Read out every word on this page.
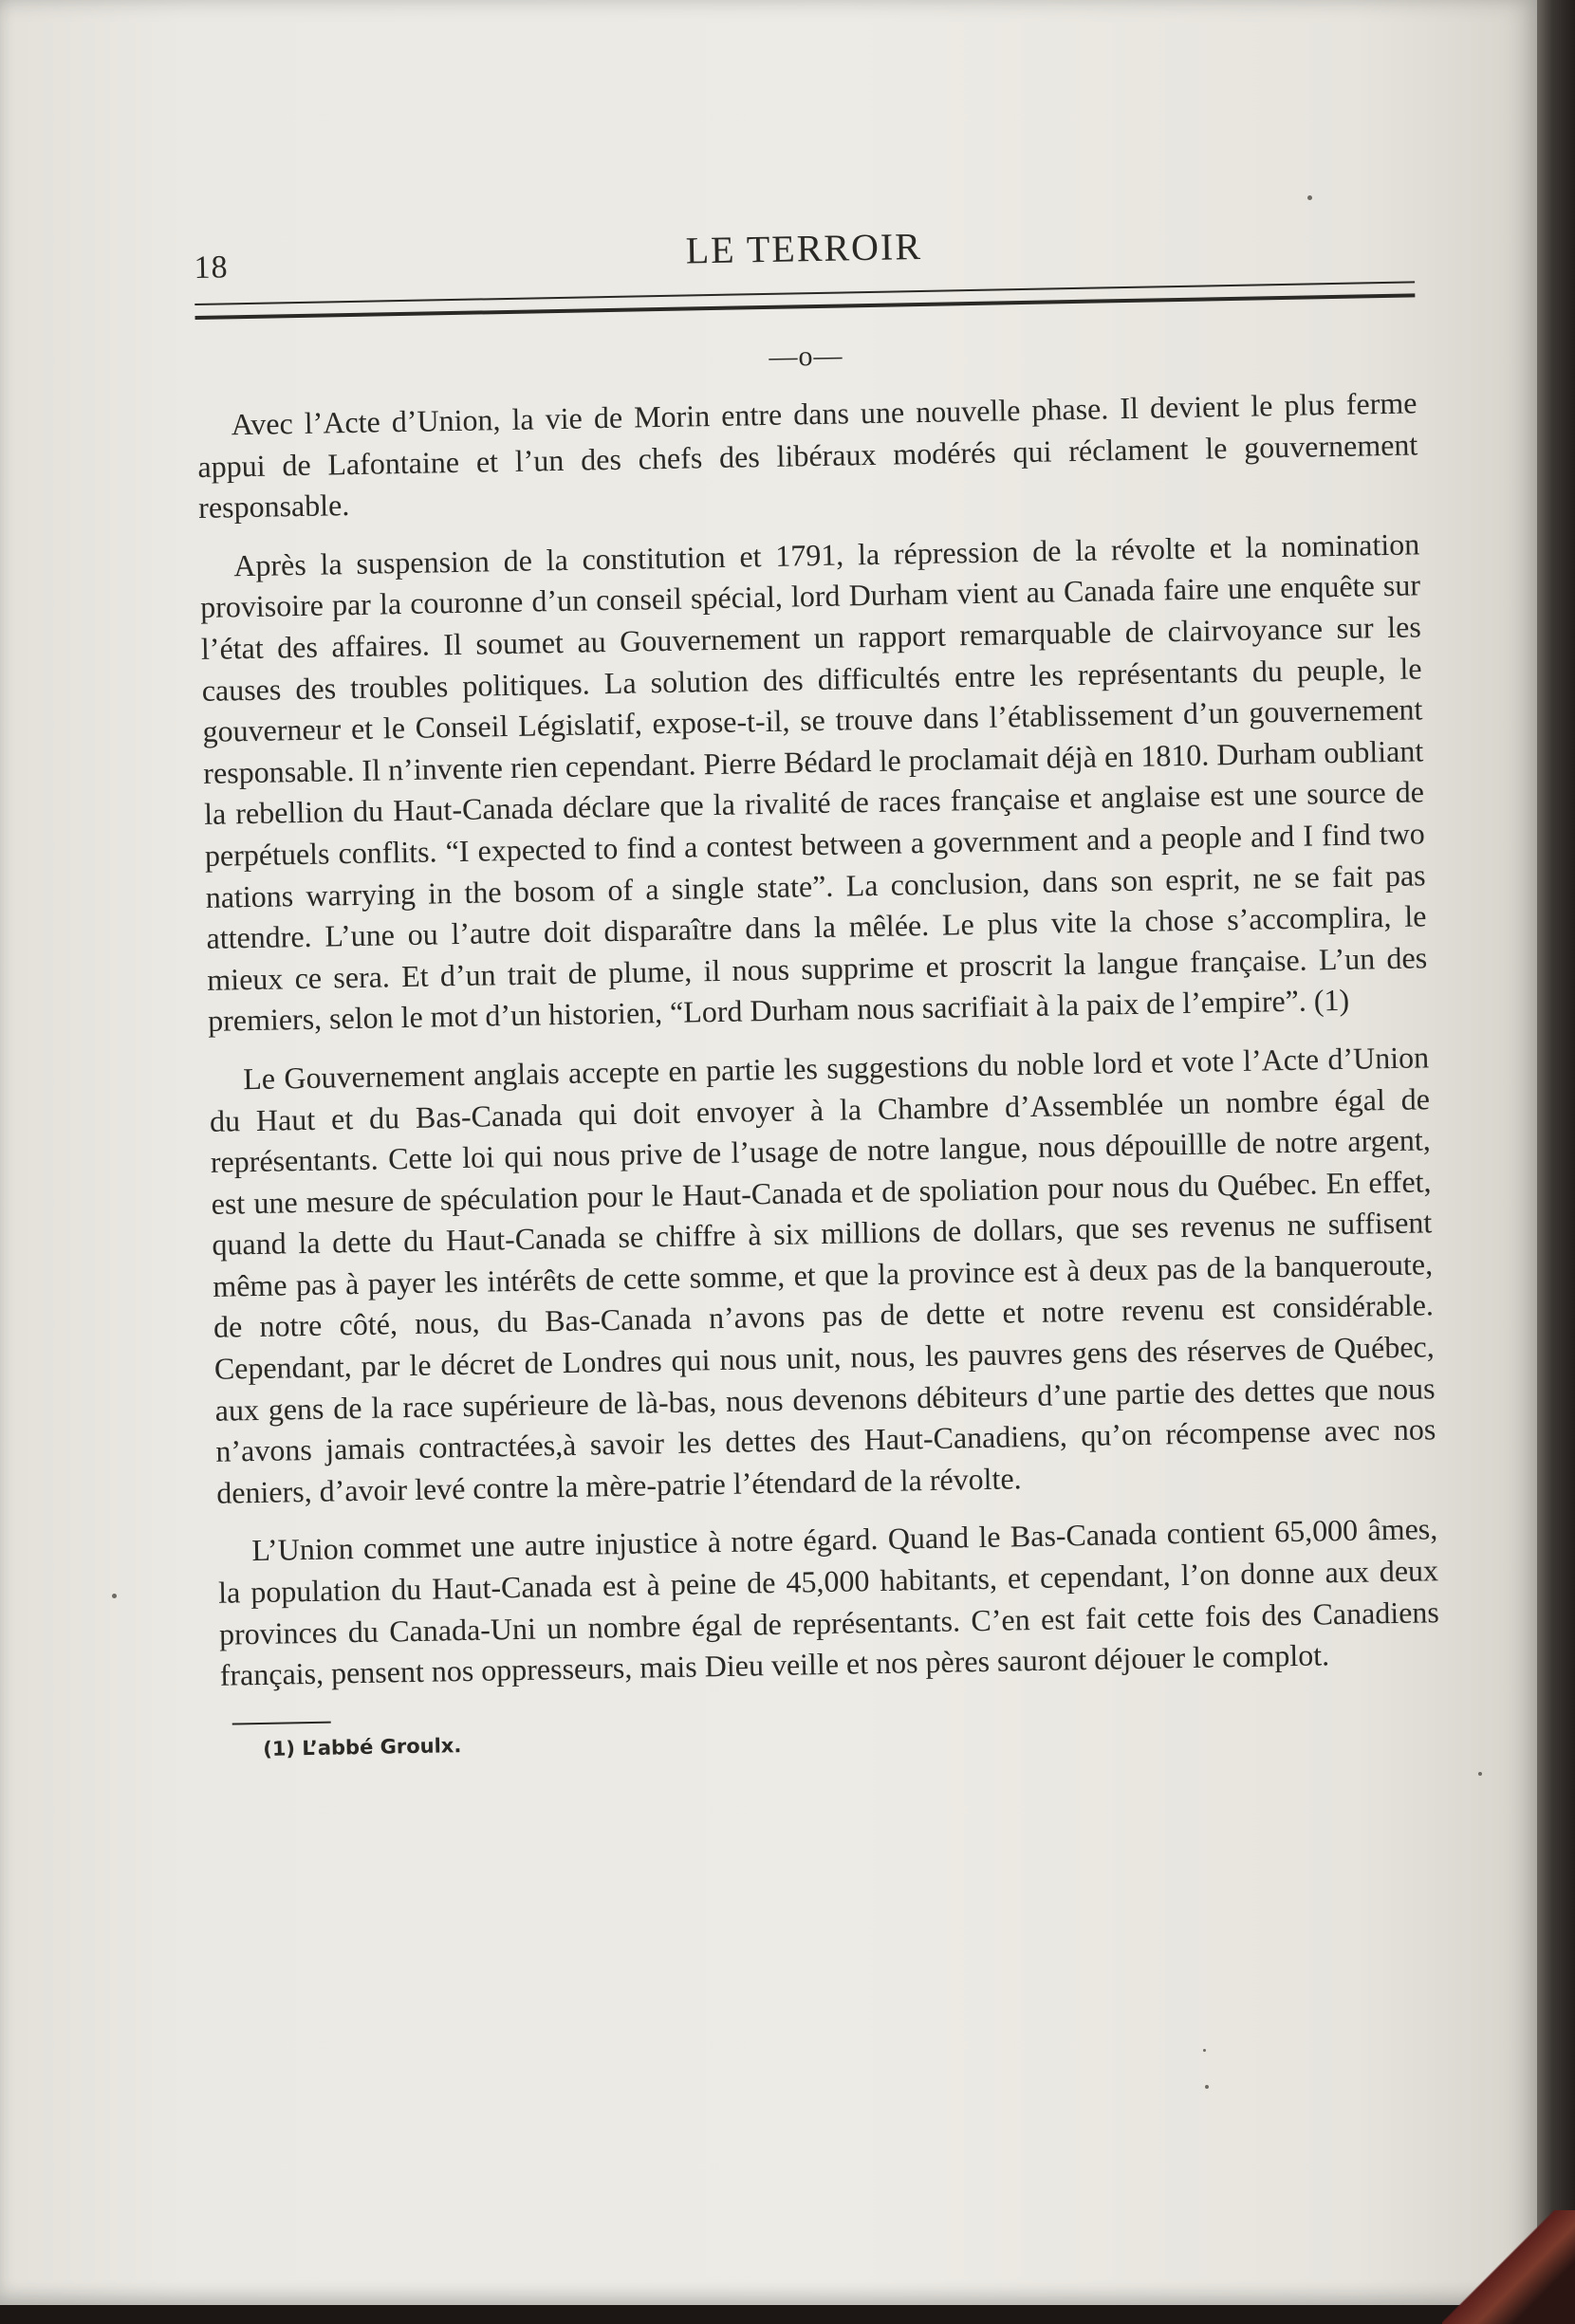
18	LE TERROIR
—o—

Avec l’Acte d’Union, la vie de Morin entre dans une nouvelle phase. Il devient le plus ferme appui de Lafontaine et l’un des chefs des libéraux modérés qui réclament le gouvernement responsable.

Après la suspension de la constitution et 1791, la répression de la révolte et la nomination provisoire par la couronne d’un conseil spécial, lord Durham vient au Canada faire une enquête sur l’état des affaires. Il soumet au Gouvernement un rapport remarquable de clairvoyance sur les causes des troubles politiques. La solution des difficultés entre les représentants du peuple, le gouverneur et le Conseil Législatif, expose-t-il, se trouve dans l’établissement d’un gouvernement responsable. Il n’invente rien cependant. Pierre Bédard le proclamait déjà en 1810. Durham oubliant la rebellion du Haut-Canada déclare que la rivalité de races française et anglaise est une source de perpétuels conflits. “I expected to find a contest between a government and a people and I find two nations warrying in the bosom of a single state”. La conclusion, dans son esprit, ne se fait pas attendre. L’une ou l’autre doit disparaître dans la mêlée. Le plus vite la chose s’accomplira, le mieux ce sera. Et d’un trait de plume, il nous supprime et proscrit la langue française. L’un des premiers, selon le mot d’un historien, “Lord Durham nous sacrifiait à la paix de l’empire”. (1)

Le Gouvernement anglais accepte en partie les suggestions du noble lord et vote l’Acte d’Union du Haut et du Bas-Canada qui doit envoyer à la Chambre d’Assemblée un nombre égal de représentants. Cette loi qui nous prive de l’usage de notre langue, nous dépouillle de notre argent, est une mesure de spéculation pour le Haut-Canada et de spoliation pour nous du Québec. En effet, quand la dette du Haut-Canada se chiffre à six millions de dollars, que ses revenus ne suffisent même pas à payer les intérêts de cette somme, et que la province est à deux pas de la banqueroute, de notre côté, nous, du Bas-Canada n’avons pas de dette et notre revenu est considérable. Cependant, par le décret de Londres qui nous unit, nous, les pauvres gens des réserves de Québec, aux gens de la race supérieure de là-bas, nous devenons débiteurs d’une partie des dettes que nous n’avons jamais contractées,à savoir les dettes des Haut-Canadiens, qu’on récompense avec nos deniers, d’avoir levé contre la mère-patrie l’étendard de la révolte.

L’Union commet une autre injustice à notre égard. Quand le Bas-Canada contient 65,000 âmes, la population du Haut-Canada est à peine de 45,000 habitants, et cependant, l’on donne aux deux provinces du Canada-Uni un nombre égal de représentants. C’en est fait cette fois des Canadiens français, pensent nos oppresseurs, mais Dieu veille et nos pères sauront déjouer le complot.

(1) L’abbé Groulx.
